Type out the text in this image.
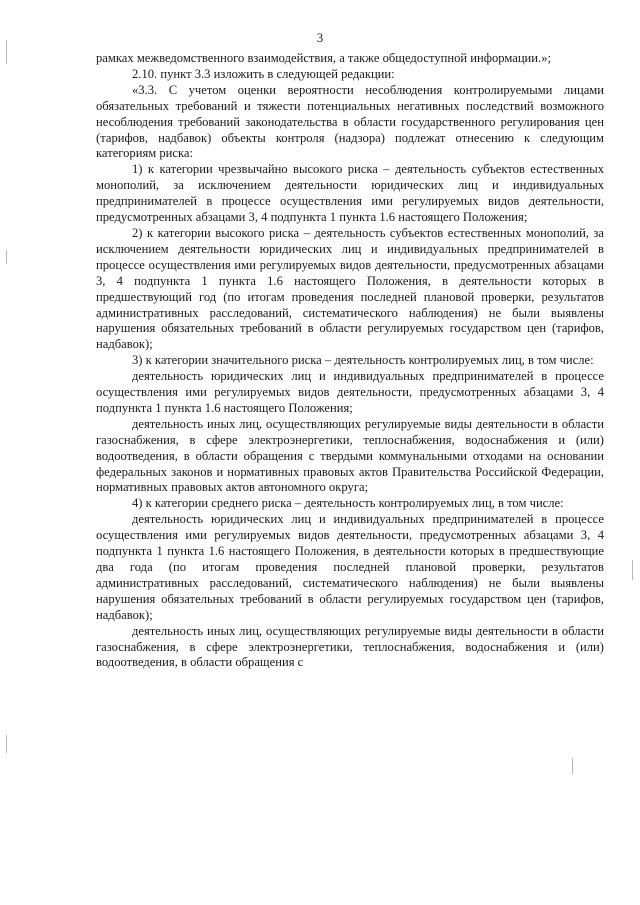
3

рамках межведомственного взаимодействия, а также общедоступной информации.»;

2.10. пункт 3.3 изложить в следующей редакции:

«3.3. С учетом оценки вероятности несоблюдения контролируемыми лицами обязательных требований и тяжести потенциальных негативных последствий возможного несоблюдения требований законодательства в области государственного регулирования цен (тарифов, надбавок) объекты контроля (надзора) подлежат отнесению к следующим категориям риска:

1) к категории чрезвычайно высокого риска – деятельность субъектов естественных монополий, за исключением деятельности юридических лиц и индивидуальных предпринимателей в процессе осуществления ими регулируемых видов деятельности, предусмотренных абзацами 3, 4 подпункта 1 пункта 1.6 настоящего Положения;

2) к категории высокого риска – деятельность субъектов естественных монополий, за исключением деятельности юридических лиц и индивидуальных предпринимателей в процессе осуществления ими регулируемых видов деятельности, предусмотренных абзацами 3, 4 подпункта 1 пункта 1.6 настоящего Положения, в деятельности которых в предшествующий год (по итогам проведения последней плановой проверки, результатов административных расследований, систематического наблюдения) не были выявлены нарушения обязательных требований в области регулируемых государством цен (тарифов, надбавок);

3) к категории значительного риска – деятельность контролируемых лиц, в том числе:

деятельность юридических лиц и индивидуальных предпринимателей в процессе осуществления ими регулируемых видов деятельности, предусмотренных абзацами 3, 4 подпункта 1 пункта 1.6 настоящего Положения;

деятельность иных лиц, осуществляющих регулируемые виды деятельности в области газоснабжения, в сфере электроэнергетики, теплоснабжения, водоснабжения и (или) водоотведения, в области обращения с твердыми коммунальными отходами на основании федеральных законов и нормативных правовых актов Правительства Российской Федерации, нормативных правовых актов автономного округа;

4) к категории среднего риска – деятельность контролируемых лиц, в том числе:

деятельность юридических лиц и индивидуальных предпринимателей в процессе осуществления ими регулируемых видов деятельности, предусмотренных абзацами 3, 4 подпункта 1 пункта 1.6 настоящего Положения, в деятельности которых в предшествующие два года (по итогам проведения последней плановой проверки, результатов административных расследований, систематического наблюдения) не были выявлены нарушения обязательных требований в области регулируемых государством цен (тарифов, надбавок);

деятельность иных лиц, осуществляющих регулируемые виды деятельности в области газоснабжения, в сфере электроэнергетики, теплоснабжения, водоснабжения и (или) водоотведения, в области обращения с
